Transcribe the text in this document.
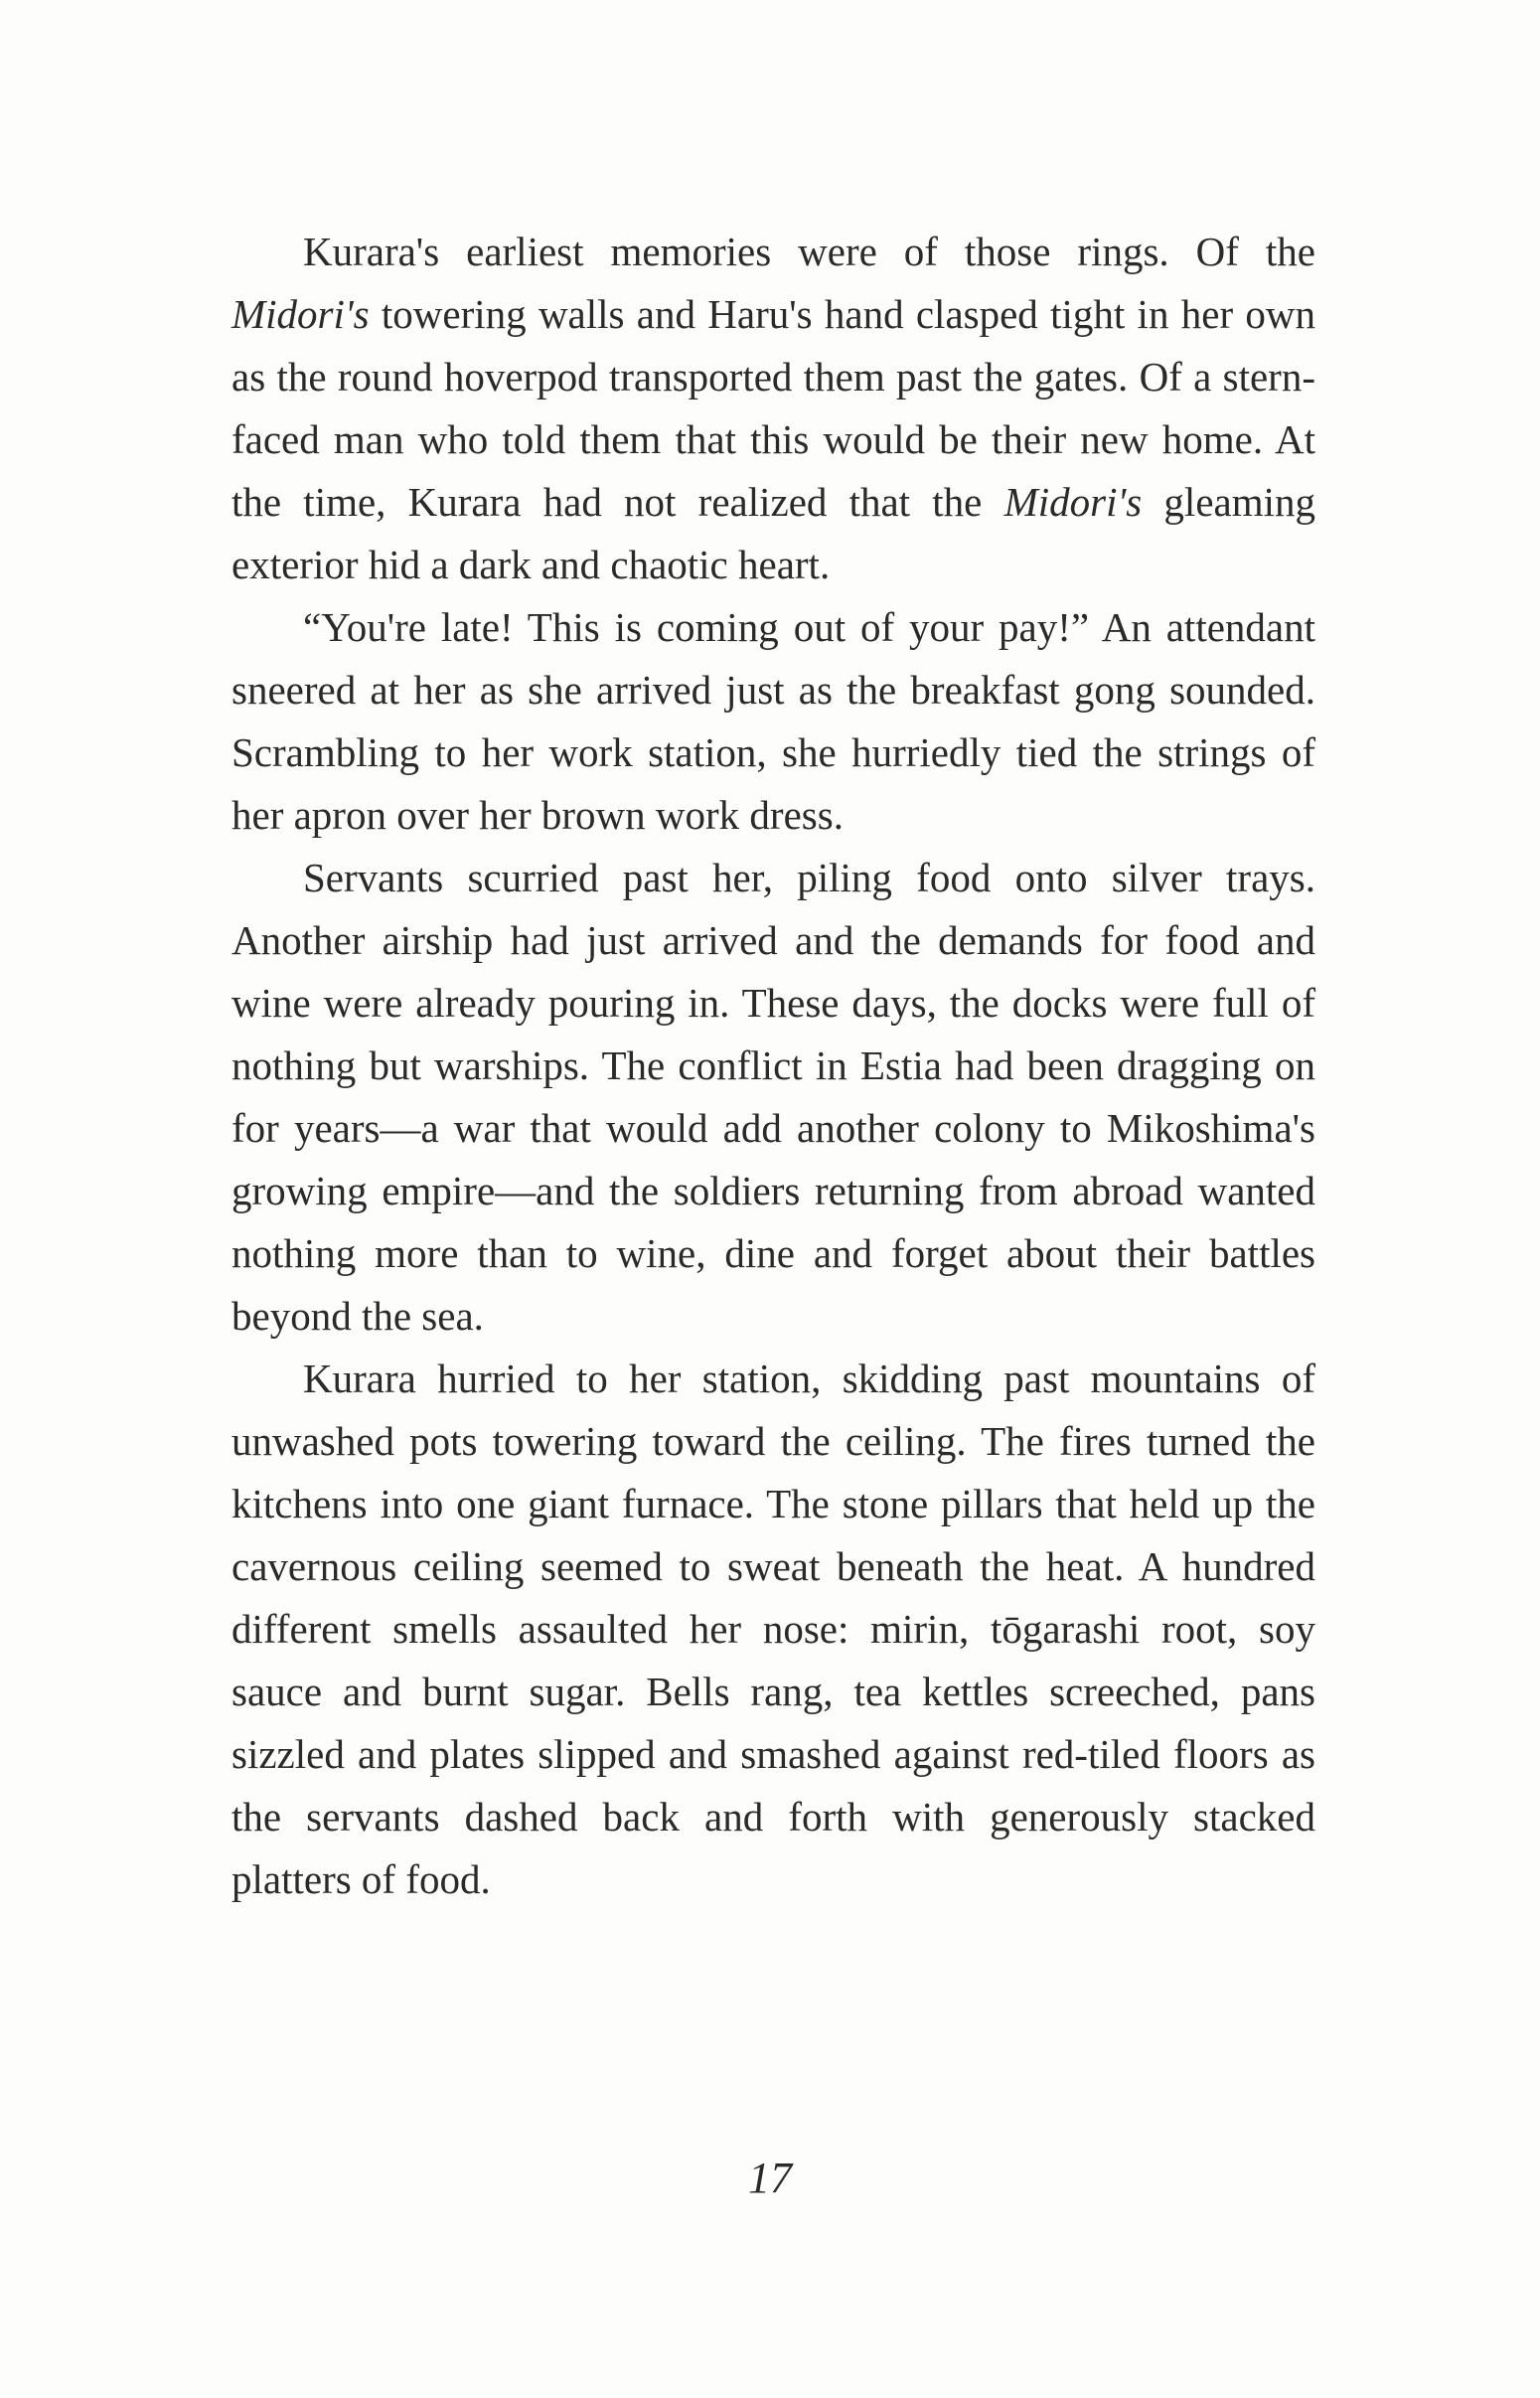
Kurara's earliest memories were of those rings. Of the Midori's towering walls and Haru's hand clasped tight in her own as the round hoverpod transported them past the gates. Of a stern-faced man who told them that this would be their new home. At the time, Kurara had not realized that the Midori's gleaming exterior hid a dark and chaotic heart.

“You're late! This is coming out of your pay!” An attendant sneered at her as she arrived just as the breakfast gong sounded. Scrambling to her work station, she hurriedly tied the strings of her apron over her brown work dress.

Servants scurried past her, piling food onto silver trays. Another airship had just arrived and the demands for food and wine were already pouring in. These days, the docks were full of nothing but warships. The conflict in Estia had been dragging on for years—a war that would add another colony to Mikoshima's growing empire—and the soldiers returning from abroad wanted nothing more than to wine, dine and forget about their battles beyond the sea.

Kurara hurried to her station, skidding past mountains of unwashed pots towering toward the ceiling. The fires turned the kitchens into one giant furnace. The stone pillars that held up the cavernous ceiling seemed to sweat beneath the heat. A hundred different smells assaulted her nose: mirin, tōgarashi root, soy sauce and burnt sugar. Bells rang, tea kettles screeched, pans sizzled and plates slipped and smashed against red-tiled floors as the servants dashed back and forth with generously stacked platters of food.

17
